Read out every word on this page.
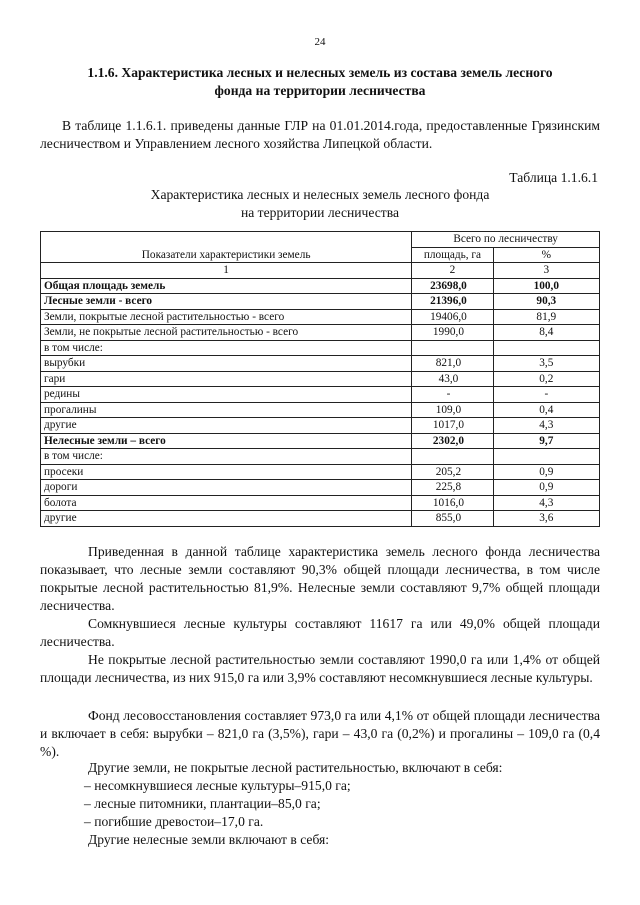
24
1.1.6. Характеристика лесных и нелесных земель из состава земель лесного
фонда на территории лесничества
В таблице 1.1.6.1. приведены данные ГЛР на 01.01.2014.года, предоставленные Грязинским лесничеством и Управлением лесного хозяйства Липецкой области.
Таблица 1.1.6.1
Характеристика лесных и нелесных земель лесного фонда
на территории лесничества
Показатели характеристики земель	Всего по лесничеству	
	площадь, га	%
1	2	3
Общая площадь земель	23698,0	100,0
Лесные земли - всего	21396,0	90,3
Земли, покрытые лесной растительностью - всего	19406,0	81,9
Земли, не покрытые лесной растительностью - всего	1990,0	8,4
в том числе:		
вырубки	821,0	3,5
гари	43,0	0,2
редины	-	-
прогалины	109,0	0,4
другие	1017,0	4,3
Нелесные земли – всего	2302,0	9,7
в том числе:		
просеки	205,2	0,9
дороги	225,8	0,9
болота	1016,0	4,3
другие	855,0	3,6
Приведенная в данной таблице характеристика земель лесного фонда лесничества показывает, что лесные земли составляют 90,3% общей площади лесничества, в том числе покрытые лесной растительностью 81,9%. Нелесные земли составляют 9,7% общей площади лесничества.
Сомкнувшиеся лесные культуры составляют 11617 га или 49,0% общей площади лесничества.
Не покрытые лесной растительностью земли составляют 1990,0 га или 1,4% от общей площади лесничества, из них 915,0 га или 3,9% составляют несомкнувшиеся лесные культуры.
Фонд лесовосстановления составляет 973,0 га или 4,1% от общей площади лесничества и включает в себя: вырубки – 821,0 га (3,5%), гари – 43,0 га (0,2%) и прогалины – 109,0 га (0,4 %).
Другие земли, не покрытые лесной растительностью, включают в себя:
– несомкнувшиеся лесные культуры–915,0 га;
– лесные питомники, плантации–85,0 га;
– погибшие древостои–17,0 га.
Другие нелесные земли включают в себя:
